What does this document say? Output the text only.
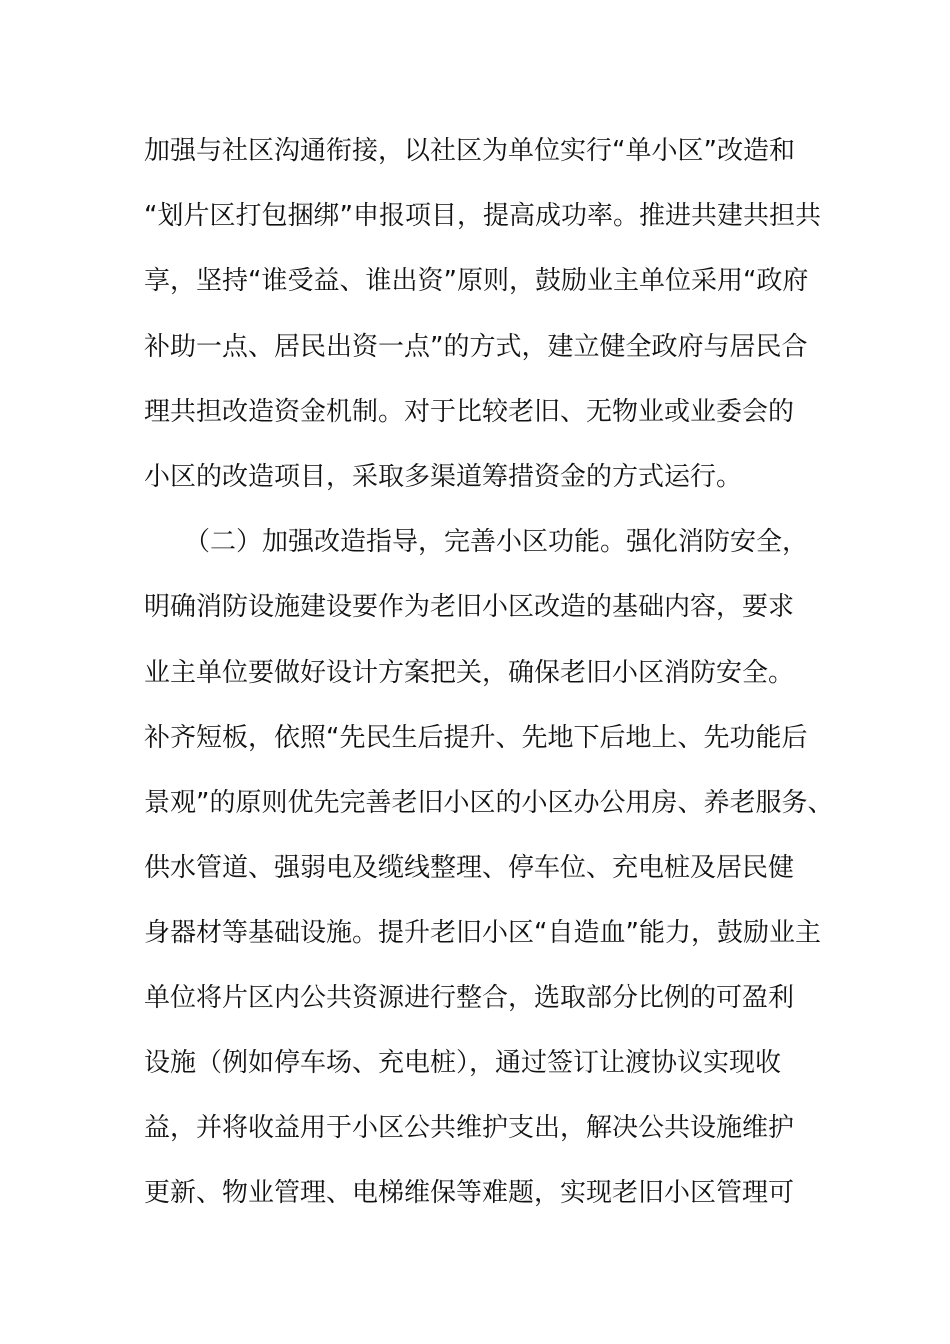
加强与社区沟通衔接，以社区为单位实行“单小区”改造和
“划片区打包捆绑”申报项目，提高成功率。推进共建共担共
享，坚持“谁受益、谁出资”原则，鼓励业主单位采用“政府
补助一点、居民出资一点”的方式，建立健全政府与居民合
理共担改造资金机制。对于比较老旧、无物业或业委会的
小区的改造项目，采取多渠道筹措资金的方式运行。
（二）加强改造指导，完善小区功能。强化消防安全，
明确消防设施建设要作为老旧小区改造的基础内容，要求
业主单位要做好设计方案把关，确保老旧小区消防安全。
补齐短板，依照“先民生后提升、先地下后地上、先功能后
景观”的原则优先完善老旧小区的小区办公用房、养老服务、
供水管道、强弱电及缆线整理、停车位、充电桩及居民健
身器材等基础设施。提升老旧小区“自造血”能力，鼓励业主
单位将片区内公共资源进行整合，选取部分比例的可盈利
设施（例如停车场、充电桩），通过签订让渡协议实现收
益，并将收益用于小区公共维护支出，解决公共设施维护
更新、物业管理、电梯维保等难题，实现老旧小区管理可
